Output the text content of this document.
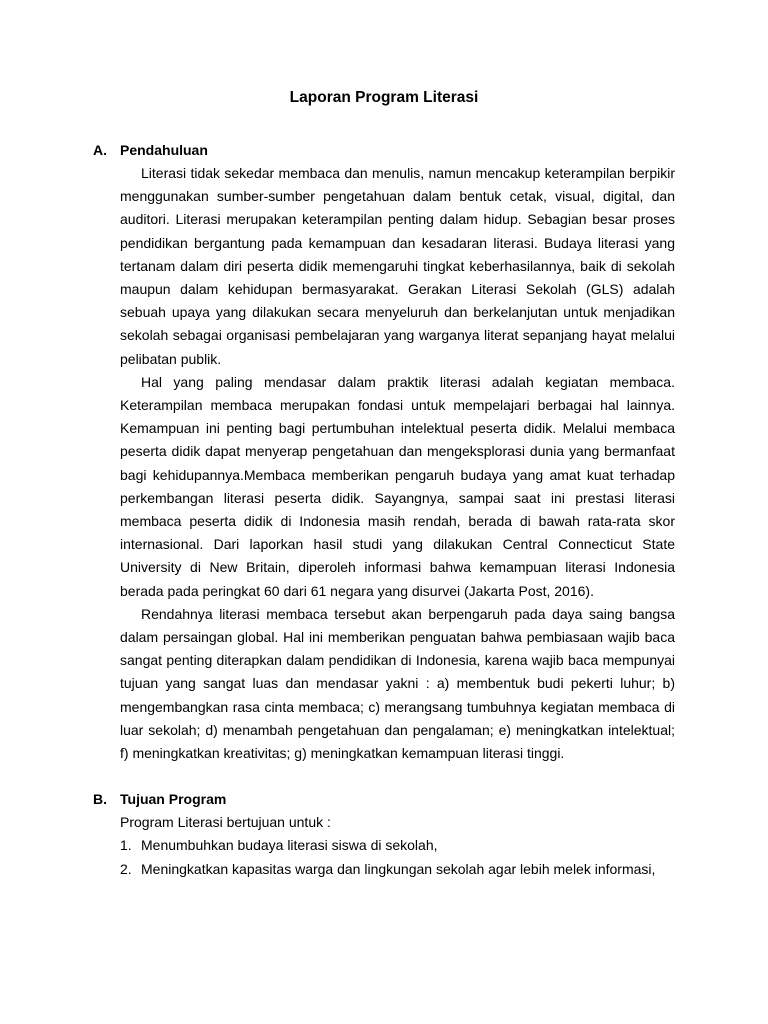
Laporan Program Literasi
A. Pendahuluan

Literasi tidak sekedar membaca dan menulis, namun mencakup keterampilan berpikir menggunakan sumber-sumber pengetahuan dalam bentuk cetak, visual, digital, dan auditori. Literasi merupakan keterampilan penting dalam hidup. Sebagian besar proses pendidikan bergantung pada kemampuan dan kesadaran literasi. Budaya literasi yang tertanam dalam diri peserta didik memengaruhi tingkat keberhasilannya, baik di sekolah maupun dalam kehidupan bermasyarakat. Gerakan Literasi Sekolah (GLS) adalah sebuah upaya yang dilakukan secara menyeluruh dan berkelanjutan untuk menjadikan sekolah sebagai organisasi pembelajaran yang warganya literat sepanjang hayat melalui pelibatan publik.

Hal yang paling mendasar dalam praktik literasi adalah kegiatan membaca. Keterampilan membaca merupakan fondasi untuk mempelajari berbagai hal lainnya. Kemampuan ini penting bagi pertumbuhan intelektual peserta didik. Melalui membaca peserta didik dapat menyerap pengetahuan dan mengeksplorasi dunia yang bermanfaat bagi kehidupannya.Membaca memberikan pengaruh budaya yang amat kuat terhadap perkembangan literasi peserta didik. Sayangnya, sampai saat ini prestasi literasi membaca peserta didik di Indonesia masih rendah, berada di bawah rata-rata skor internasional. Dari laporkan hasil studi yang dilakukan Central Connecticut State University di New Britain, diperoleh informasi bahwa kemampuan literasi Indonesia berada pada peringkat 60 dari 61 negara yang disurvei (Jakarta Post, 2016).

Rendahnya literasi membaca tersebut akan berpengaruh pada daya saing bangsa dalam persaingan global. Hal ini memberikan penguatan bahwa pembiasaan wajib baca sangat penting diterapkan dalam pendidikan di Indonesia, karena wajib baca mempunyai tujuan yang sangat luas dan mendasar yakni : a) membentuk budi pekerti luhur; b) mengembangkan rasa cinta membaca; c) merangsang tumbuhnya kegiatan membaca di luar sekolah; d) menambah pengetahuan dan pengalaman; e) meningkatkan intelektual; f) meningkatkan kreativitas; g) meningkatkan kemampuan literasi tinggi.

B. Tujuan Program

Program Literasi bertujuan untuk :

1. Menumbuhkan budaya literasi siswa di sekolah,
2. Meningkatkan kapasitas warga dan lingkungan sekolah agar lebih melek informasi,
